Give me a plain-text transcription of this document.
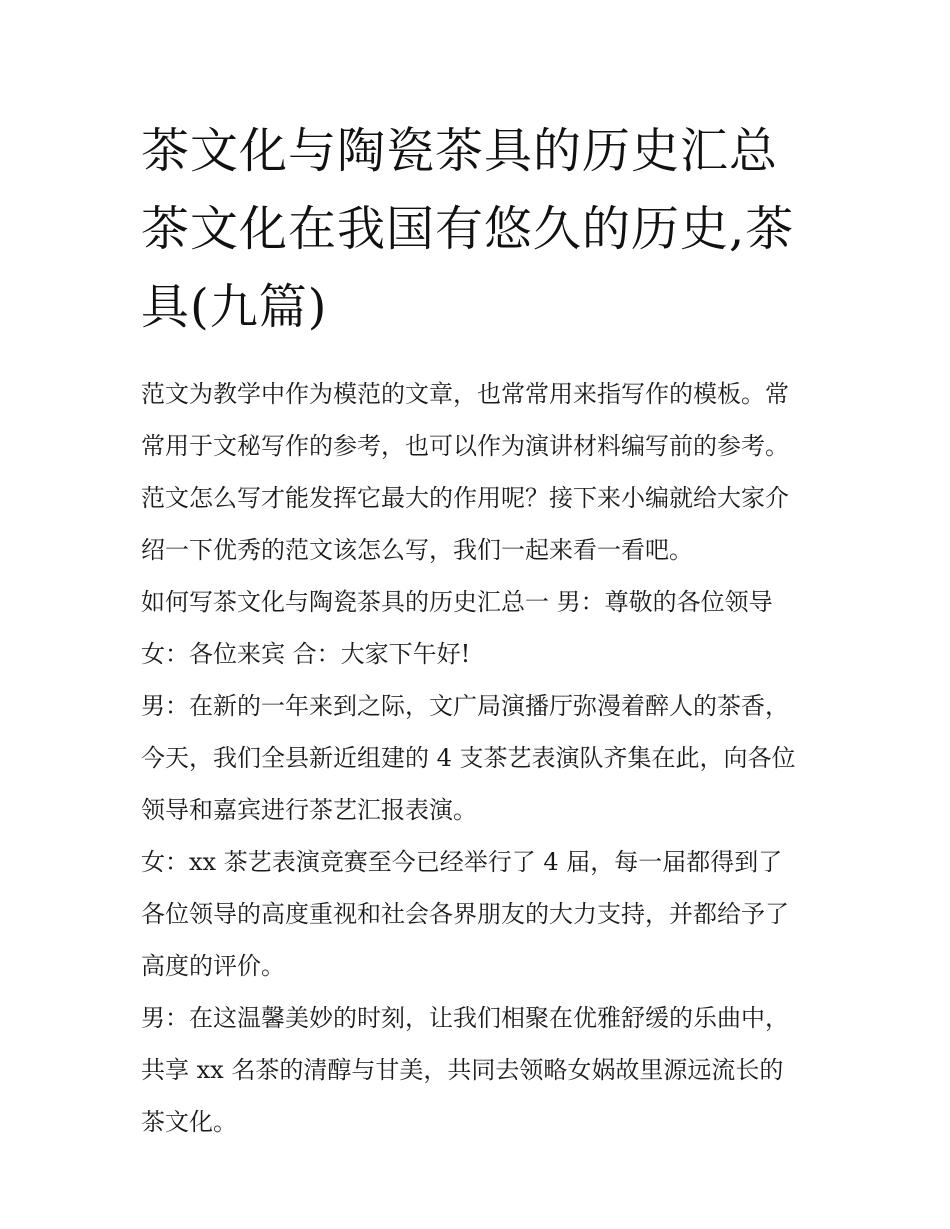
茶文化与陶瓷茶具的历史汇总
茶文化在我国有悠久的历史,茶
具(九篇)

范文为教学中作为模范的文章，也常常用来指写作的模板。常
常用于文秘写作的参考，也可以作为演讲材料编写前的参考。
范文怎么写才能发挥它最大的作用呢？接下来小编就给大家介
绍一下优秀的范文该怎么写，我们一起来看一看吧。

如何写茶文化与陶瓷茶具的历史汇总一 男：尊敬的各位领导

女：各位来宾 合：大家下午好!

男：在新的一年来到之际，文广局演播厅弥漫着醉人的茶香，
今天，我们全县新近组建的 4 支茶艺表演队齐集在此，向各位
领导和嘉宾进行茶艺汇报表演。

女：xx 茶艺表演竞赛至今已经举行了 4 届，每一届都得到了
各位领导的高度重视和社会各界朋友的大力支持，并都给予了
高度的评价。

男：在这温馨美妙的时刻，让我们相聚在优雅舒缓的乐曲中，
共享 xx 名茶的清醇与甘美，共同去领略女娲故里源远流长的
茶文化。
